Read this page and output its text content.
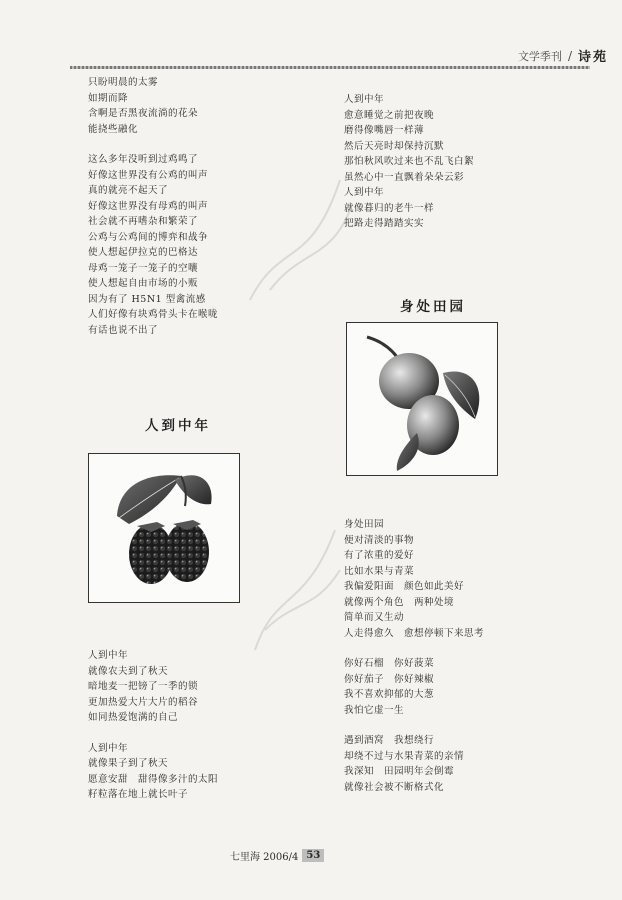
文学季刊 / 诗苑
只盼明晨的太雾
如期而降
含啊是否黑夜流淌的花朵
能挠些融化
这么多年没听到过鸡鸣了
好像这世界没有公鸡的叫声
真的就亮不起天了
好像这世界没有母鸡的叫声
社会就不再嗜杂和繁荣了
公鸡与公鸡间的博弈和战争
使人想起伊拉克的巴格达
母鸡一笼子一笼子的空嚷
使人想起自由市场的小贩
因为有了 H5N1 型禽流感
人们好像有块鸡骨头卡在喉咙
有话也说不出了
人到中年
人到中年
就像农夫到了秋天
暗地麦一把镑了一季的锁
更加热爱大片大片的稻谷
如同热爱饱满的自己
人到中年
就像果子到了秋天
愿意安甜　甜得像多汁的太阳
籽粒落在地上就长叶子
人到中年
愈意睡觉之前把夜晚
磨得像嘴唇一样薄
然后天亮时却保持沉默
那怕秋风吹过来也不乱飞白絮
虽然心中一直飘着朵朵云彩
人到中年
就像暮归的老牛一样
把路走得踏踏实实
身处田园
身处田园
便对清淡的事物
有了浓重的爱好
比如水果与青菜
我偏爱阳面　颜色如此美好
就像两个角色　两种处境
简单而又生动
人走得愈久　愈想停顿下来思考
你好石榴　你好菠菜
你好茄子　你好辣椒
我不喜欢抑郁的大葱
我怕它虚一生
遇到酒窝　我想绕行
却绕不过与水果青菜的亲情
我深知　田园明年会倒霉
就像社会被不断格式化
七里海 2006/4 53
